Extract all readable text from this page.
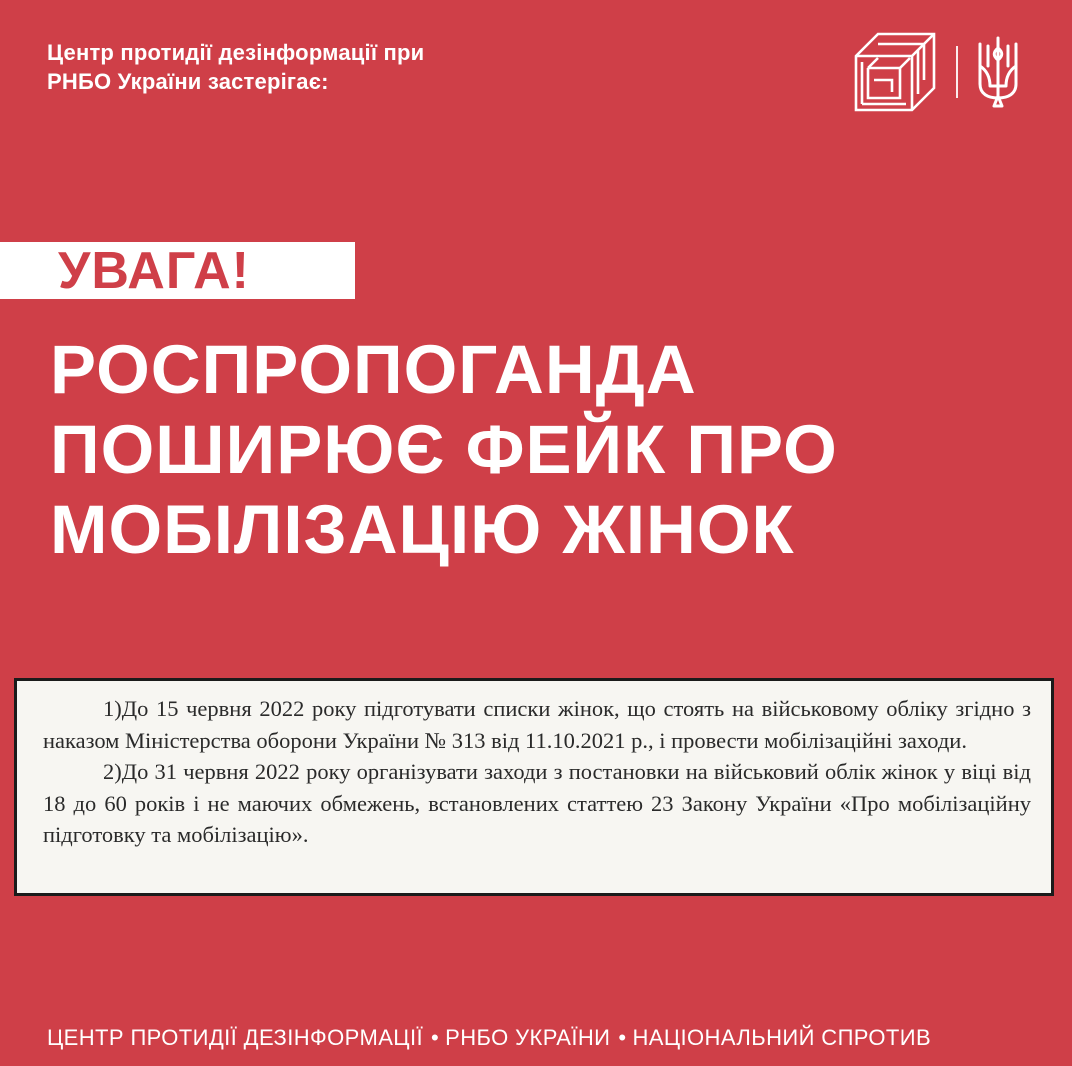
Центр протидії дезінформації при
РНБО України застерігає:
УВАГА!
РОСПРОПОГАНДА
ПОШИРЮЄ ФЕЙК ПРО
МОБІЛІЗАЦІЮ ЖІНОК

1)До 15 червня 2022 року підготувати списки жінок, що стоять на військовому обліку згідно з наказом Міністерства оборони України № 313 від 11.10.2021 р., і провести мобілізаційні заходи.

2)До 31 червня 2022 року організувати заходи з постановки на військовий облік жінок у віці від 18 до 60 років і не маючих обмежень, встановлених статтею 23 Закону України «Про мобілізаційну підготовку та мобілізацію».

ЦЕНТР ПРОТИДІЇ ДЕЗІНФОРМАЦІЇ • РНБО УКРАЇНИ • НАЦІОНАЛЬНИЙ СПРОТИВ
